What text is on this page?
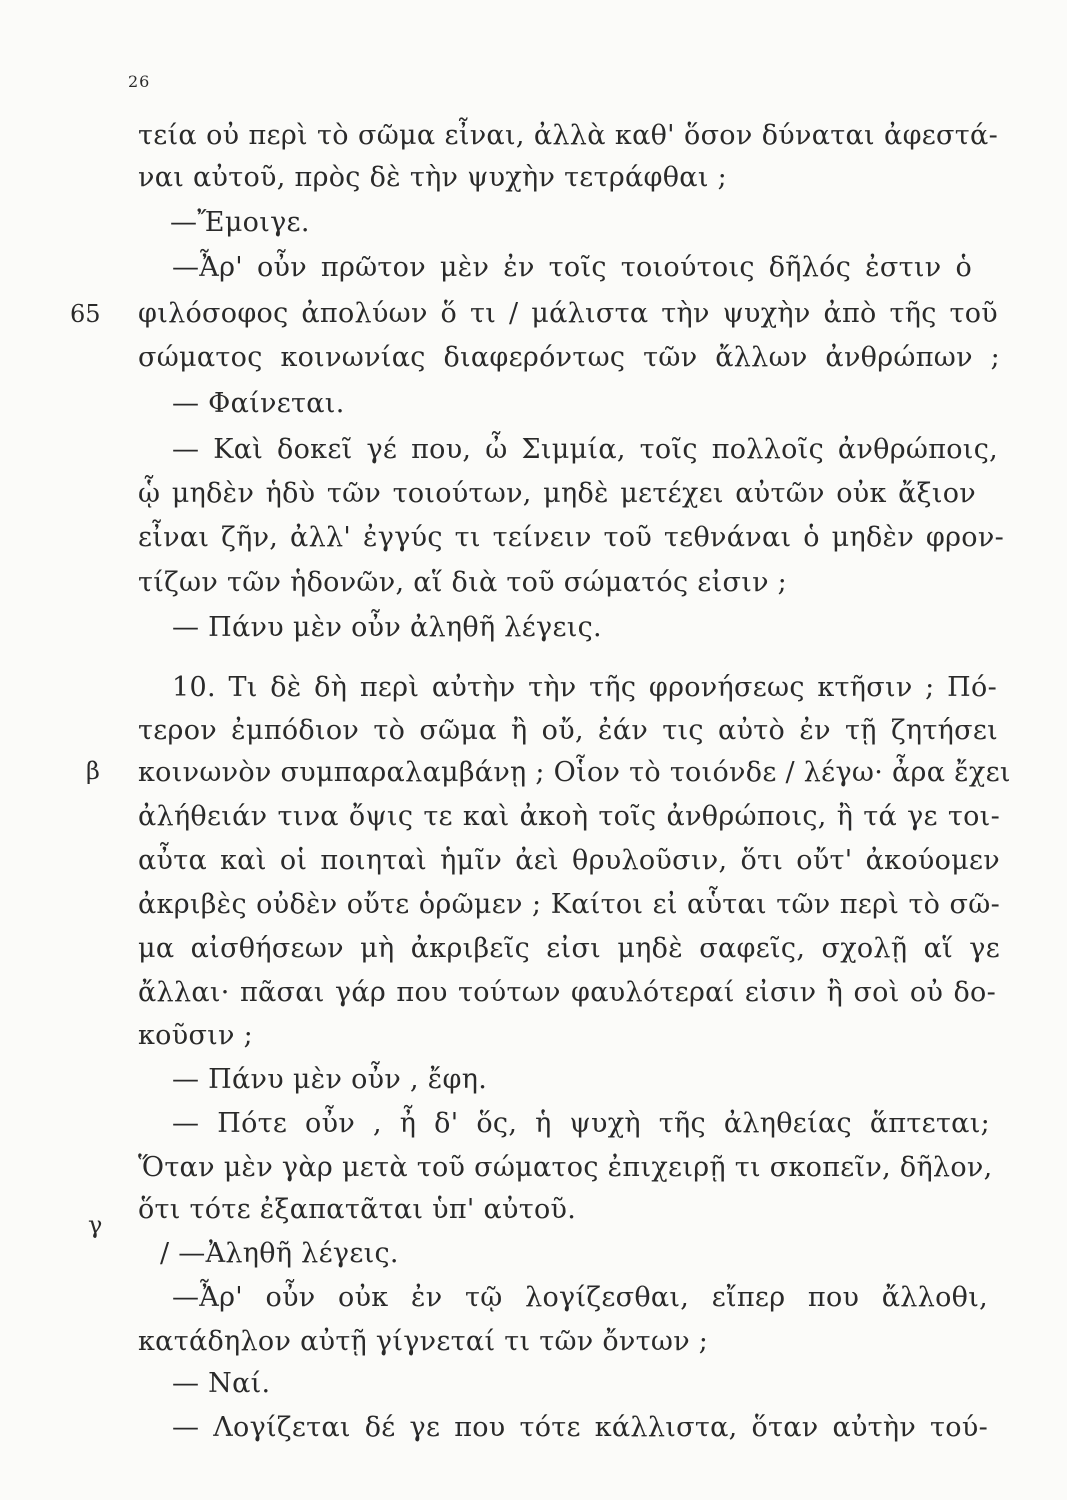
26
65
β
γ
τεία οὐ περὶ τὸ σῶμα εἶναι, ἀλλὰ καθ' ὅσον δύναται ἀφεστά-
ναι αὐτοῦ, πρὸς δὲ τὴν ψυχὴν τετράφθαι ;
—Ἔμοιγε.
—Ἆρ' οὖν πρῶτον μὲν ἐν τοῖς τοιούτοις δῆλός ἐστιν ὁ
φιλόσοφος ἀπολύων ὅ τι / μάλιστα τὴν ψυχὴν ἀπὸ τῆς τοῦ
σώματος κοινωνίας διαφερόντως τῶν ἄλλων ἀνθρώπων ;
— Φαίνεται.
— Καὶ δοκεῖ γέ που, ὦ Σιμμία, τοῖς πολλοῖς ἀνθρώποις,
ᾧ μηδὲν ἡδὺ τῶν τοιούτων, μηδὲ μετέχει αὐτῶν οὐκ ἄξιον
εἶναι ζῆν, ἀλλ' ἐγγύς τι τείνειν τοῦ τεθνάναι ὁ μηδὲν φρον-
τίζων τῶν ἡδονῶν, αἵ διὰ τοῦ σώματός εἰσιν ;
— Πάνυ μὲν οὖν ἀληθῆ λέγεις.
10. Τι δὲ δὴ περὶ αὐτὴν τὴν τῆς φρονήσεως κτῆσιν ; Πό-
τερον ἐμπόδιον τὸ σῶμα ἢ οὔ, ἐάν τις αὐτὸ ἐν τῇ ζητήσει
κοινωνὸν συμπαραλαμβάνῃ ; Οἷον τὸ τοιόνδε / λέγω· ἆρα ἔχει
ἀλήθειάν τινα ὄψις τε καὶ ἀκοὴ τοῖς ἀνθρώποις, ἢ τά γε τοι-
αὖτα καὶ οἱ ποιηταὶ ἡμῖν ἀεὶ θρυλοῦσιν, ὅτι οὔτ' ἀκούομεν
ἀκριβὲς οὐδὲν οὔτε ὁρῶμεν ; Καίτοι εἰ αὗται τῶν περὶ τὸ σῶ-
μα αἰσθήσεων μὴ ἀκριβεῖς εἰσι μηδὲ σαφεῖς, σχολῇ αἵ γε
ἄλλαι· πᾶσαι γάρ που τούτων φαυλότεραί εἰσιν ἢ σοὶ οὐ δο-
κοῦσιν ;
— Πάνυ μὲν οὖν , ἔφη.
— Πότε οὖν , ἦ δ' ὅς, ἡ ψυχὴ τῆς ἀληθείας ἅπτεται;
Ὅταν μὲν γὰρ μετὰ τοῦ σώματος ἐπιχειρῇ τι σκοπεῖν, δῆλον,
ὅτι τότε ἐξαπατᾶται ὑπ' αὐτοῦ.
/ —Ἀληθῆ λέγεις.
—Ἆρ' οὖν οὐκ ἐν τῷ λογίζεσθαι, εἴπερ που ἄλλοθι,
κατάδηλον αὐτῇ γίγνεταί τι τῶν ὄντων ;
— Ναί.
— Λογίζεται δέ γε που τότε κάλλιστα, ὅταν αὐτὴν τού-
